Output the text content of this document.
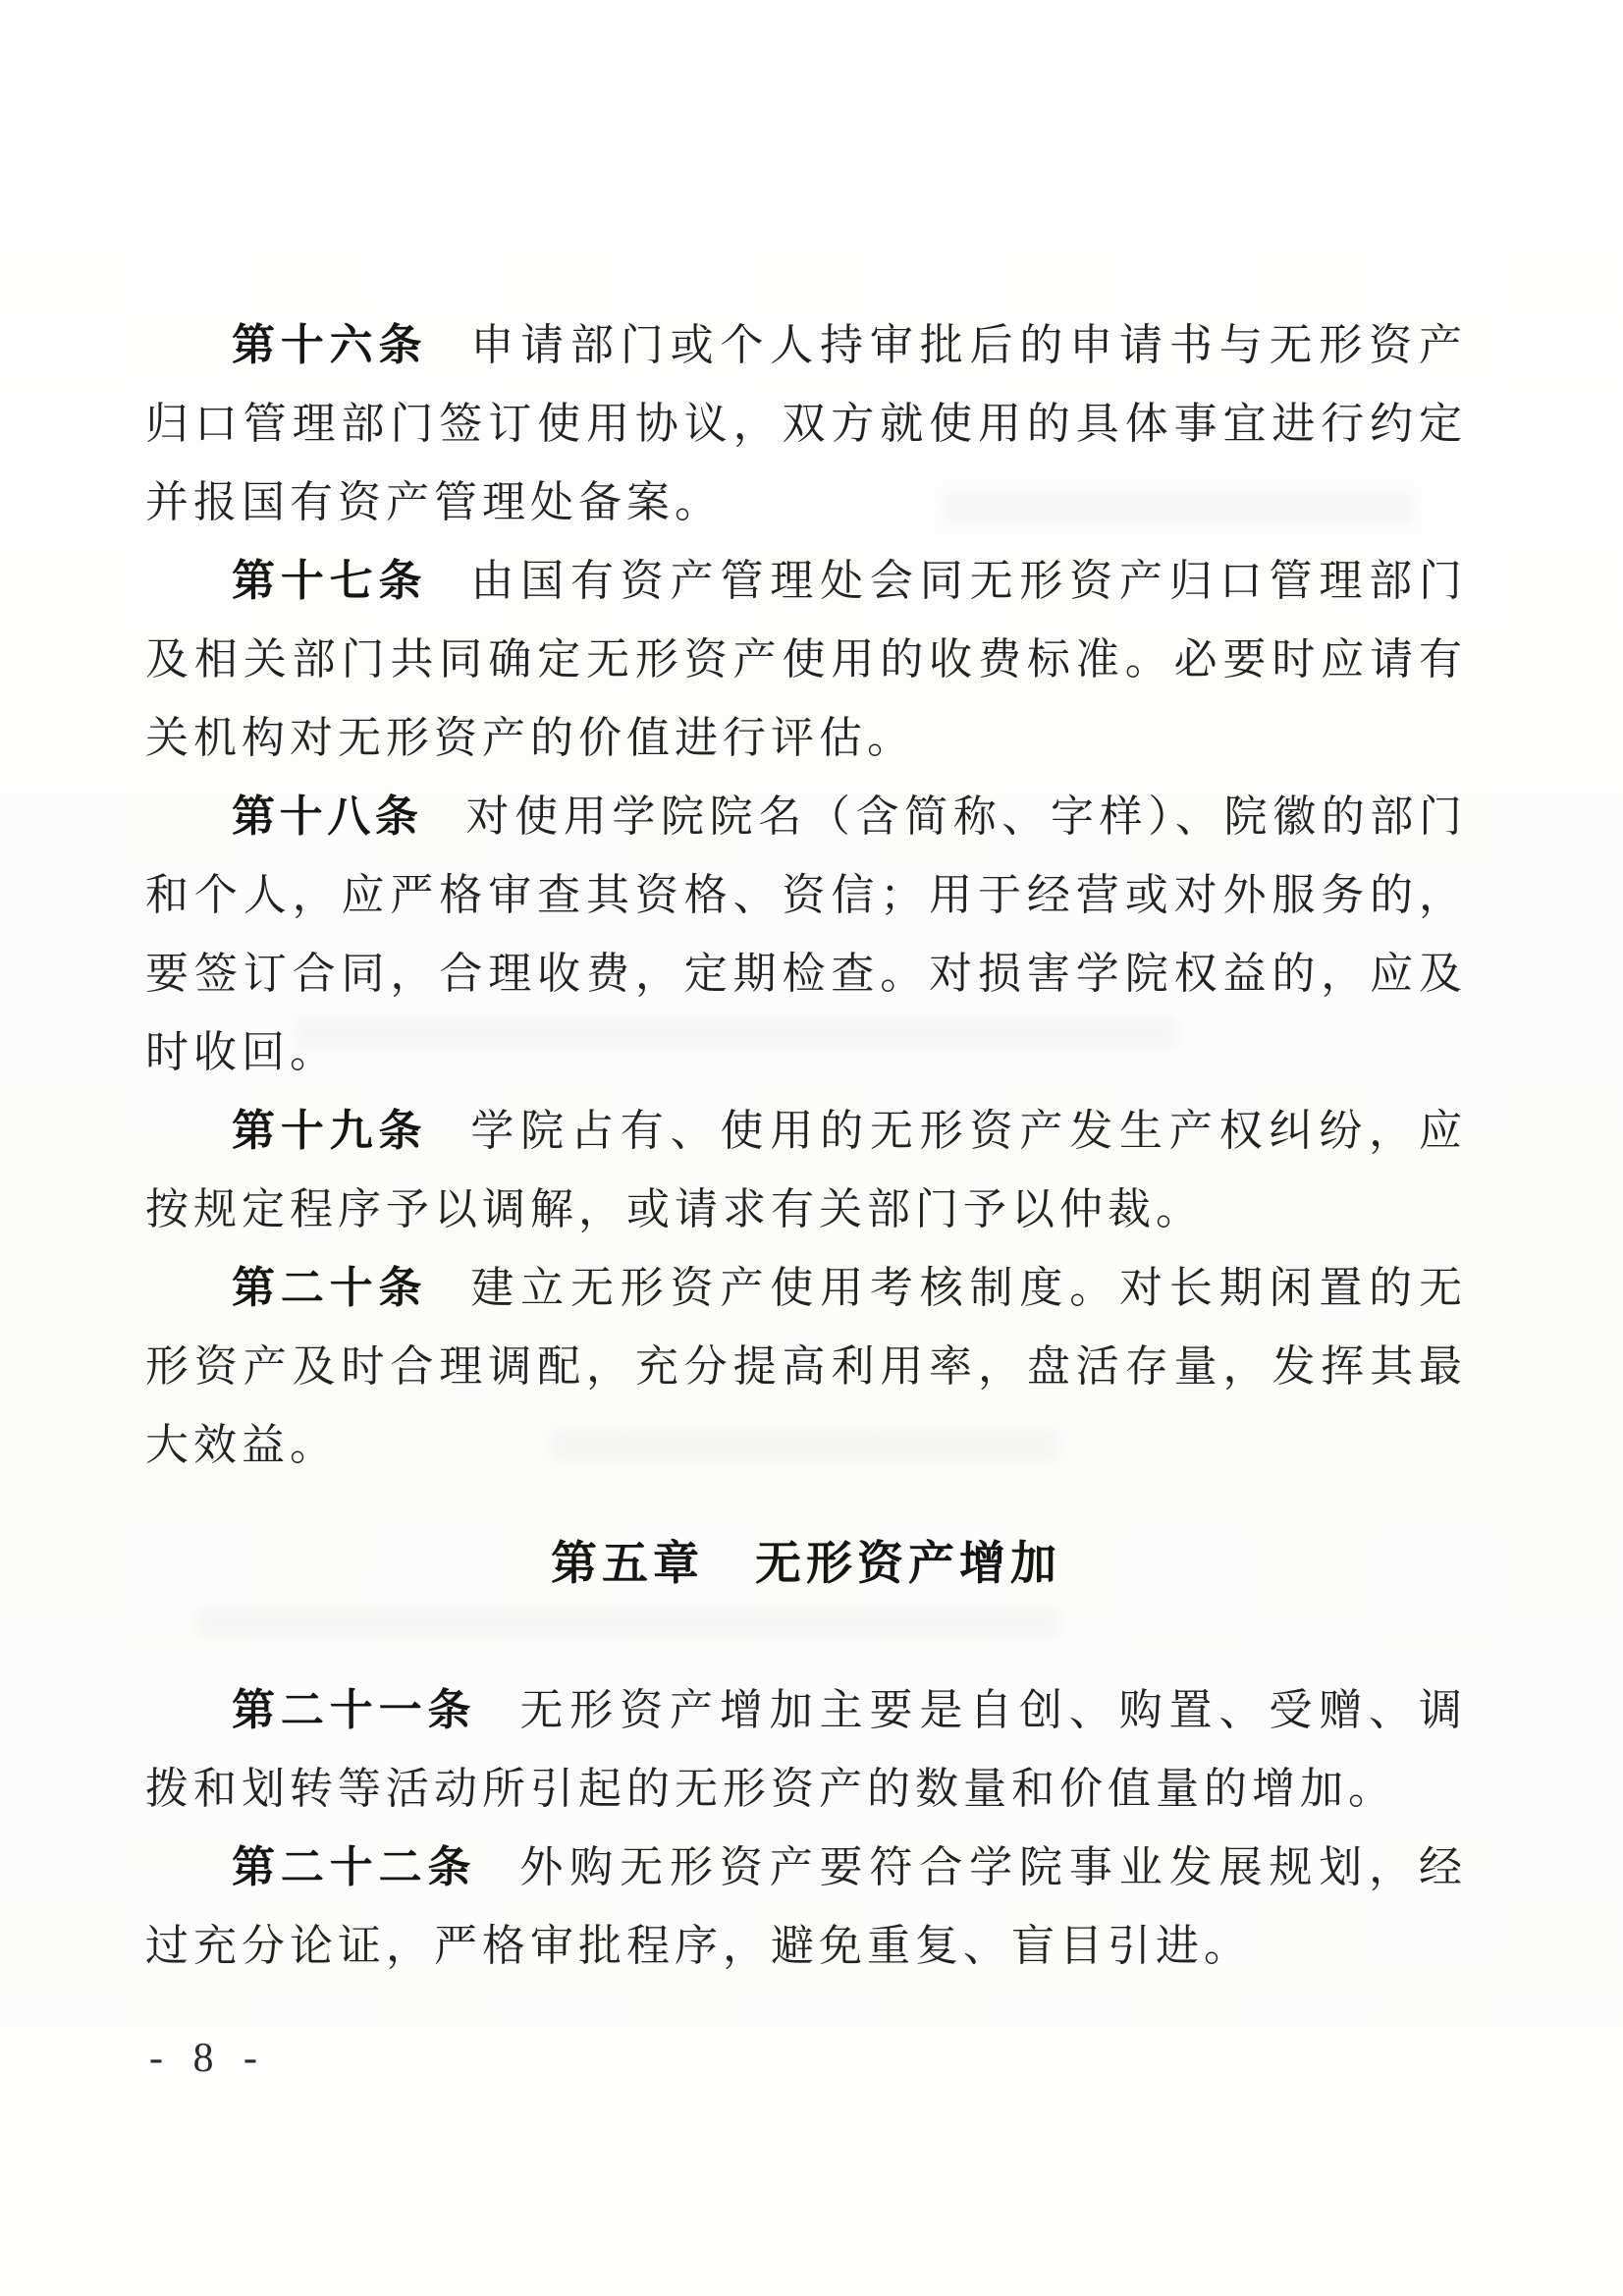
第十六条 申请部门或个人持审批后的申请书与无形资产归口管理部门签订使用协议，双方就使用的具体事宜进行约定并报国有资产管理处备案。

第十七条 由国有资产管理处会同无形资产归口管理部门及相关部门共同确定无形资产使用的收费标准。必要时应请有关机构对无形资产的价值进行评估。

第十八条 对使用学院院名（含简称、字样）、院徽的部门和个人，应严格审查其资格、资信；用于经营或对外服务的，要签订合同，合理收费，定期检查。对损害学院权益的，应及时收回。

第十九条 学院占有、使用的无形资产发生产权纠纷，应按规定程序予以调解，或请求有关部门予以仲裁。

第二十条 建立无形资产使用考核制度。对长期闲置的无形资产及时合理调配，充分提高利用率，盘活存量，发挥其最大效益。

第五章　无形资产增加

第二十一条 无形资产增加主要是自创、购置、受赠、调拨和划转等活动所引起的无形资产的数量和价值量的增加。

第二十二条 外购无形资产要符合学院事业发展规划，经过充分论证，严格审批程序，避免重复、盲目引进。

- 8 -
